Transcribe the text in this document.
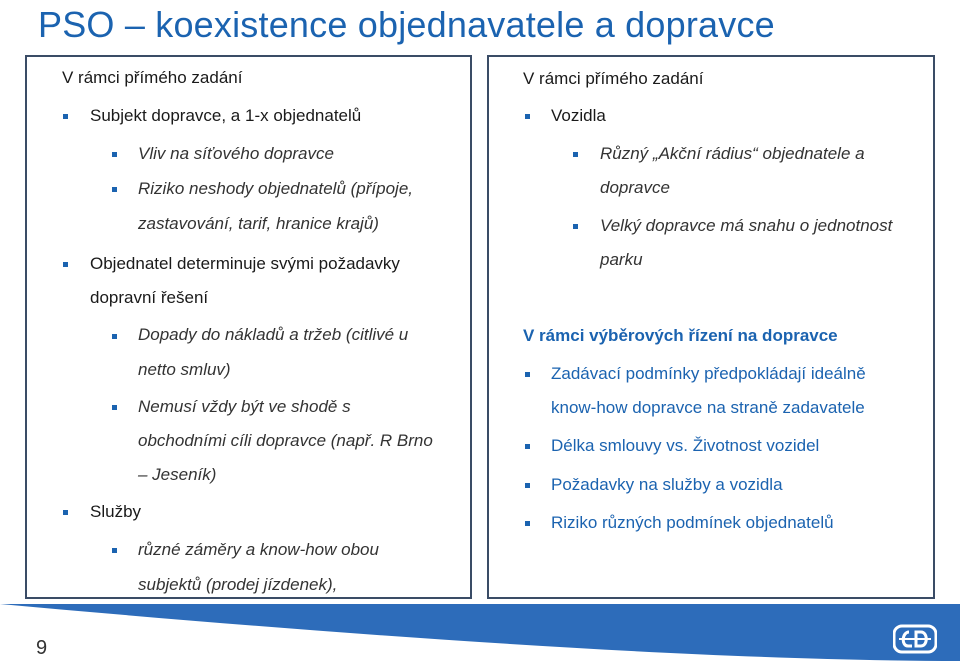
PSO – koexistence objednavatele a dopravce
V rámci přímého zadání
Subjekt dopravce, a 1-x objednatelů
Vliv na síťového dopravce
Riziko neshody objednatelů (přípoje,
zastavování, tarif, hranice krajů)
Objednatel determinuje svými požadavky
dopravní řešení
Dopady do nákladů a tržeb (citlivé u
netto smluv)
Nemusí vždy být ve shodě s
obchodními cíli dopravce (např. R Brno
– Jeseník)
Služby
různé záměry a know-how obou
subjektů (prodej jízdenek),
V rámci přímého zadání
Vozidla
Různý „Akční rádius“ objednatele a
dopravce
Velký dopravce má snahu o jednotnost
parku
V rámci výběrových řízení na dopravce
Zadávací podmínky předpokládají ideálně
know-how dopravce na straně zadavatele
Délka smlouvy vs. Životnost vozidel
Požadavky na služby a vozidla
Riziko různých podmínek objednatelů
9
